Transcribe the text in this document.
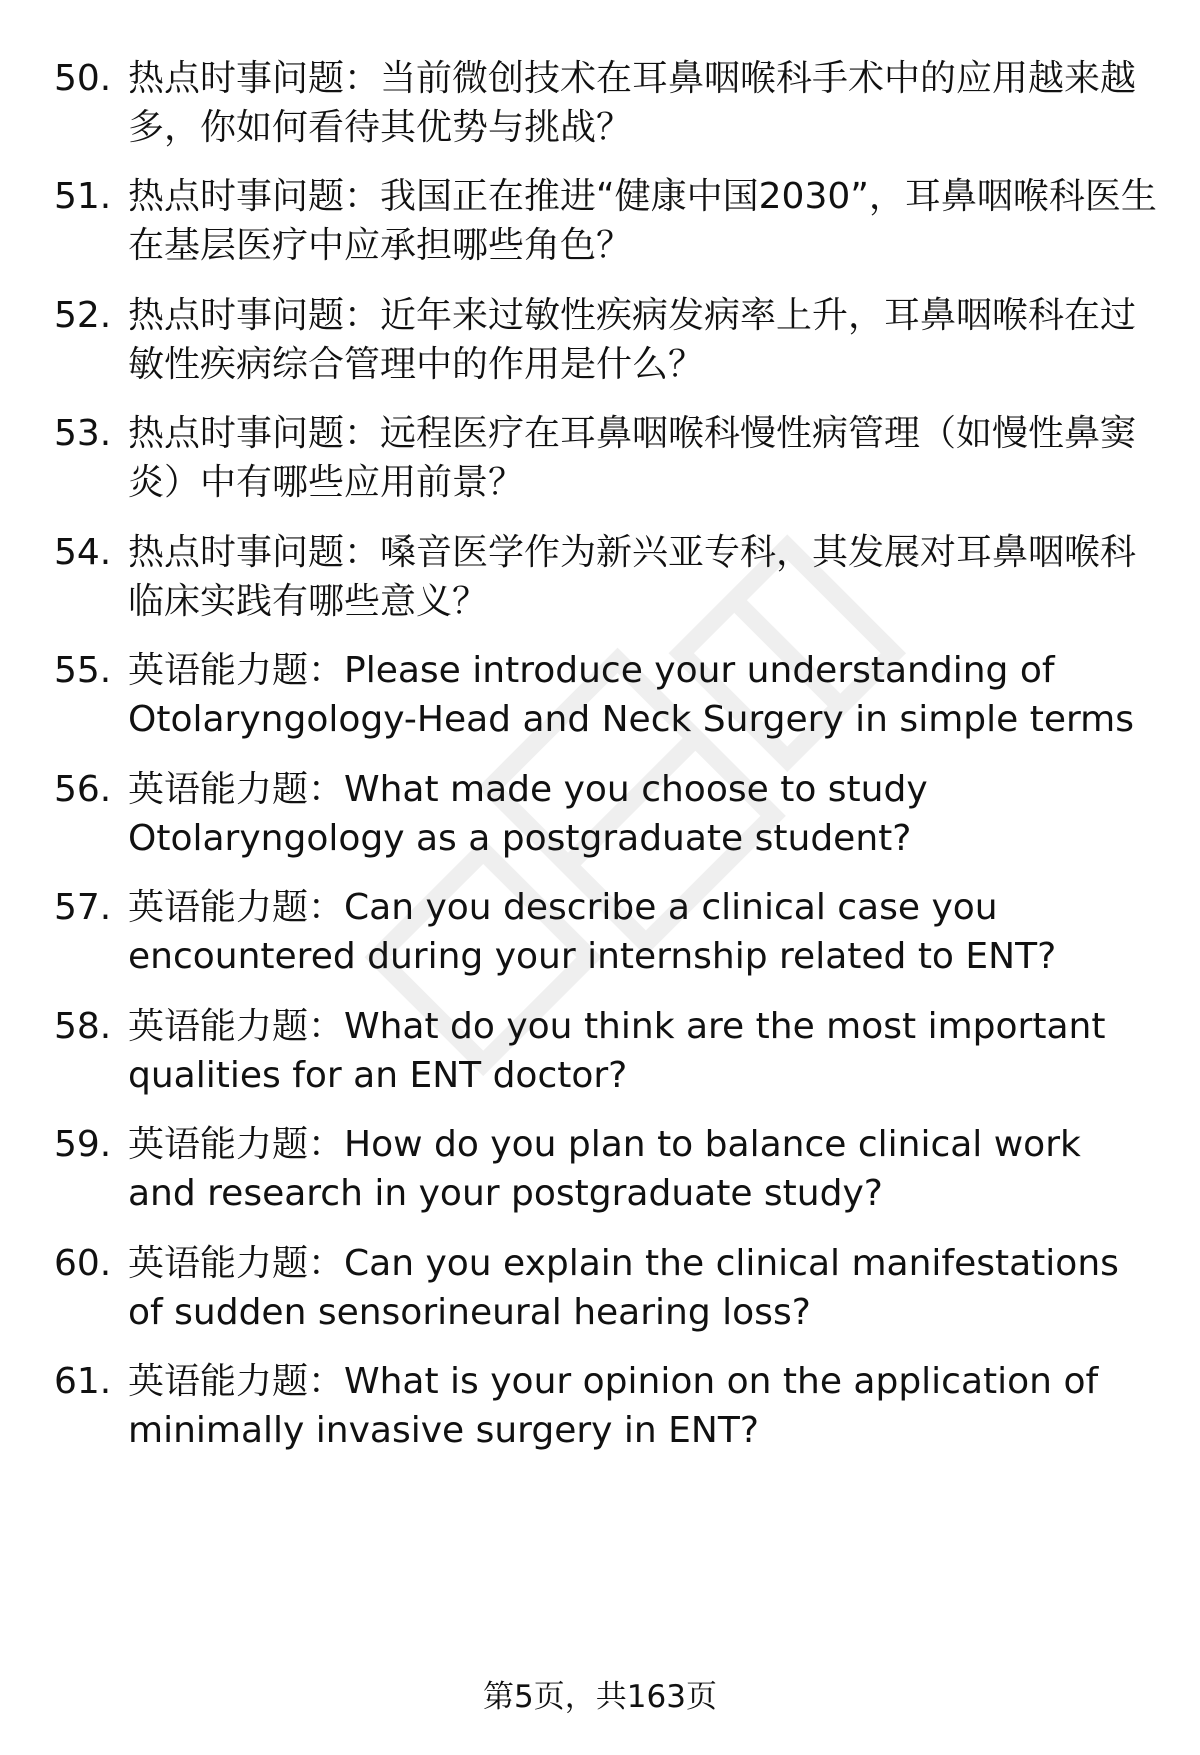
50. 热点时事问题：当前微创技术在耳鼻咽喉科手术中的应用越来越多，你如何看待其优势与挑战？
51. 热点时事问题：我国正在推进“健康中国2030”，耳鼻咽喉科医生在基层医疗中应承担哪些角色？
52. 热点时事问题：近年来过敏性疾病发病率上升，耳鼻咽喉科在过敏性疾病综合管理中的作用是什么？
53. 热点时事问题：远程医疗在耳鼻咽喉科慢性病管理（如慢性鼻窦炎）中有哪些应用前景？
54. 热点时事问题：嗓音医学作为新兴亚专科，其发展对耳鼻咽喉科临床实践有哪些意义？
55. 英语能力题：Please introduce your understanding of Otolaryngology-Head and Neck Surgery in simple terms
56. 英语能力题：What made you choose to study Otolaryngology as a postgraduate student?
57. 英语能力题：Can you describe a clinical case you encountered during your internship related to ENT?
58. 英语能力题：What do you think are the most important qualities for an ENT doctor?
59. 英语能力题：How do you plan to balance clinical work and research in your postgraduate study?
60. 英语能力题：Can you explain the clinical manifestations of sudden sensorineural hearing loss?
61. 英语能力题：What is your opinion on the application of minimally invasive surgery in ENT?
第5页，共163页
